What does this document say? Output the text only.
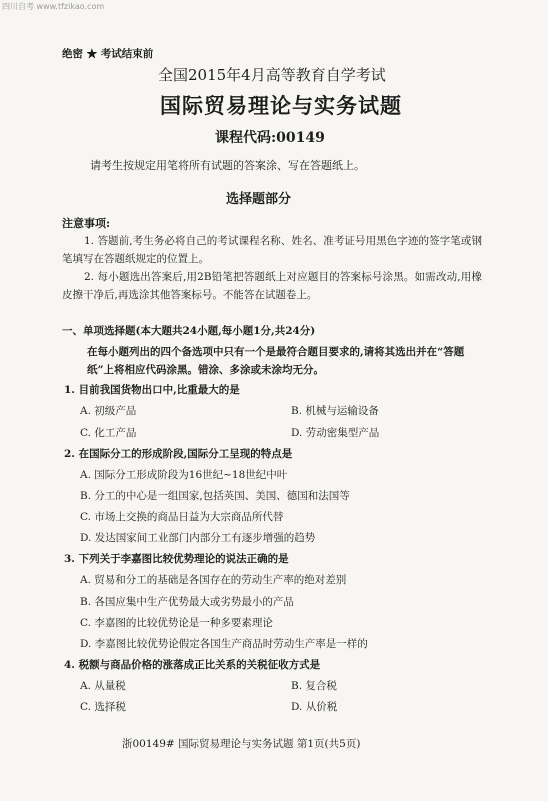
四川自考 www.tfzikao.com
绝密 ★ 考试结束前
全国2015年4月高等教育自学考试
国际贸易理论与实务试题
课程代码:00149
请考生按规定用笔将所有试题的答案涂、写在答题纸上。
选择题部分
注意事项:
1. 答题前,考生务必将自己的考试课程名称、姓名、准考证号用黑色字迹的签字笔或钢笔填写在答题纸规定的位置上。
2. 每小题选出答案后,用2B铅笔把答题纸上对应题目的答案标号涂黑。如需改动,用橡皮擦干净后,再选涂其他答案标号。不能答在试题卷上。
一、单项选择题(本大题共24小题,每小题1分,共24分)
在每小题列出的四个备选项中只有一个是最符合题目要求的,请将其选出并在“答题纸”上将相应代码涂黑。错涂、多涂或未涂均无分。
1. 目前我国货物出口中,比重最大的是
A. 初级产品	B. 机械与运输设备
C. 化工产品	D. 劳动密集型产品
2. 在国际分工的形成阶段,国际分工呈现的特点是
A. 国际分工形成阶段为16世纪~18世纪中叶
B. 分工的中心是一组国家,包括英国、美国、德国和法国等
C. 市场上交换的商品日益为大宗商品所代替
D. 发达国家间工业部门内部分工有逐步增强的趋势
3. 下列关于李嘉图比较优势理论的说法正确的是
A. 贸易和分工的基础是各国存在的劳动生产率的绝对差别
B. 各国应集中生产优势最大或劣势最小的产品
C. 李嘉图的比较优势论是一种多要素理论
D. 李嘉图比较优势论假定各国生产商品时劳动生产率是一样的
4. 税额与商品价格的涨落成正比关系的关税征收方式是
A. 从量税	B. 复合税
C. 选择税	D. 从价税
浙00149# 国际贸易理论与实务试题 第1页(共5页)
